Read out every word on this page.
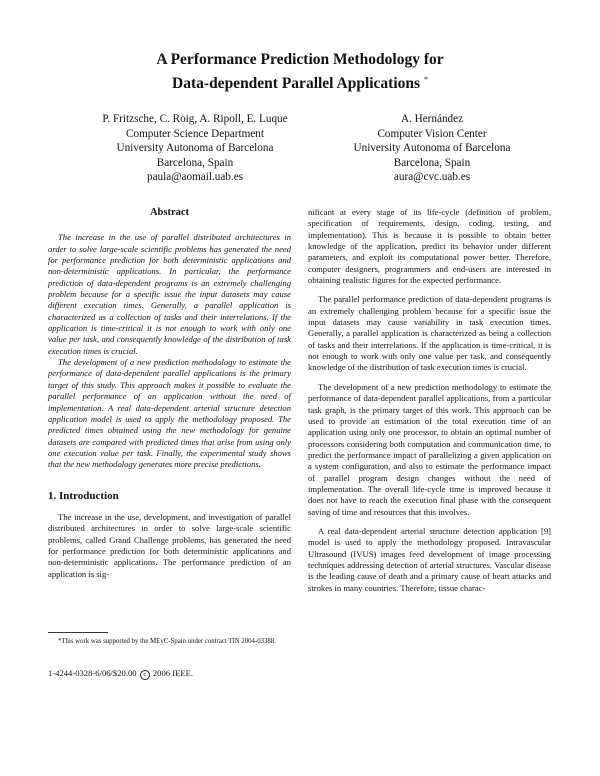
A Performance Prediction Methodology for
Data-dependent Parallel Applications *
P. Fritzsche, C. Roig, A. Ripoll, E. Luque
Computer Science Department
University Autonoma of Barcelona
Barcelona, Spain
paula@aomail.uab.es
A. Hernández
Computer Vision Center
University Autonoma of Barcelona
Barcelona, Spain
aura@cvc.uab.es
Abstract

The increase in the use of parallel distributed architectures in order to solve large-scale scientific problems has generated the need for performance prediction for both deterministic applications and non-deterministic applications. In particular, the performance prediction of data-dependent programs is an extremely challenging problem because for a specific issue the input datasets may cause different execution times. Generally, a parallel application is characterized as a collection of tasks and their interrelations. If the application is time-critical it is not enough to work with only one value per task, and consequently knowledge of the distribution of task execution times is crucial.

The development of a new prediction methodology to estimate the performance of data-dependent parallel applications is the primary target of this study. This approach makes it possible to evaluate the parallel performance of an application without the need of implementation. A real data-dependent arterial structure detection application model is used to apply the methodology proposed. The predicted times obtained using the new methodology for genuine datasets are compared with predicted times that arise from using only one execution value per task. Finally, the experimental study shows that the new methodology generates more precise predictions.

1. Introduction

The increase in the use, development, and investigation of parallel distributed architectures in order to solve large-scale scientific problems, called Grand Challenge problems, has generated the need for performance prediction for both deterministic applications and non-deterministic applications. The performance prediction of an application is sig-

*This work was supported by the MEyC-Spain under contract TIN 2004-03388.
1-4244-0328-6/06/$20.00 c 2006 IEEE.

nificant at every stage of its life-cycle (definition of problem, specification of requirements, design, coding, testing, and implementation). This is because it is possible to obtain better knowledge of the application, predict its behavior under different parameters, and exploit its computational power better. Therefore, computer designers, programmers and end-users are interested in obtaining realistic figures for the expected performance.

The parallel performance prediction of data-dependent programs is an extremely challenging problem because for a specific issue the input datasets may cause variability in task execution times. Generally, a parallel application is characterized as being a collection of tasks and their interrelations. If the application is time-critical, it is not enough to work with only one value per task, and consequently knowledge of the distribution of task execution times is crucial.

The development of a new prediction methodology to estimate the performance of data-dependent parallel applications, from a particular task graph, is the primary target of this work. This approach can be used to provide an estimation of the total execution time of an application using only one processor, to obtain an optimal number of processors considering both computation and communication time, to predict the performance impact of parallelizing a given application on a system configuration, and also to estimate the performance impact of parallel program design changes without the need of implementation. The overall life-cycle time is improved because it does not have to reach the execution final phase with the consequent saving of time and resources that this involves.

A real data-dependent arterial structure detection application [9] model is used to apply the methodology proposed. Intravascular Ultrasound (IVUS) images feed development of image processing techniques addressing detection of arterial structures. Vascular disease is the leading cause of death and a primary cause of heart attacks and strokes in many countries. Therefore, tissue charac-
